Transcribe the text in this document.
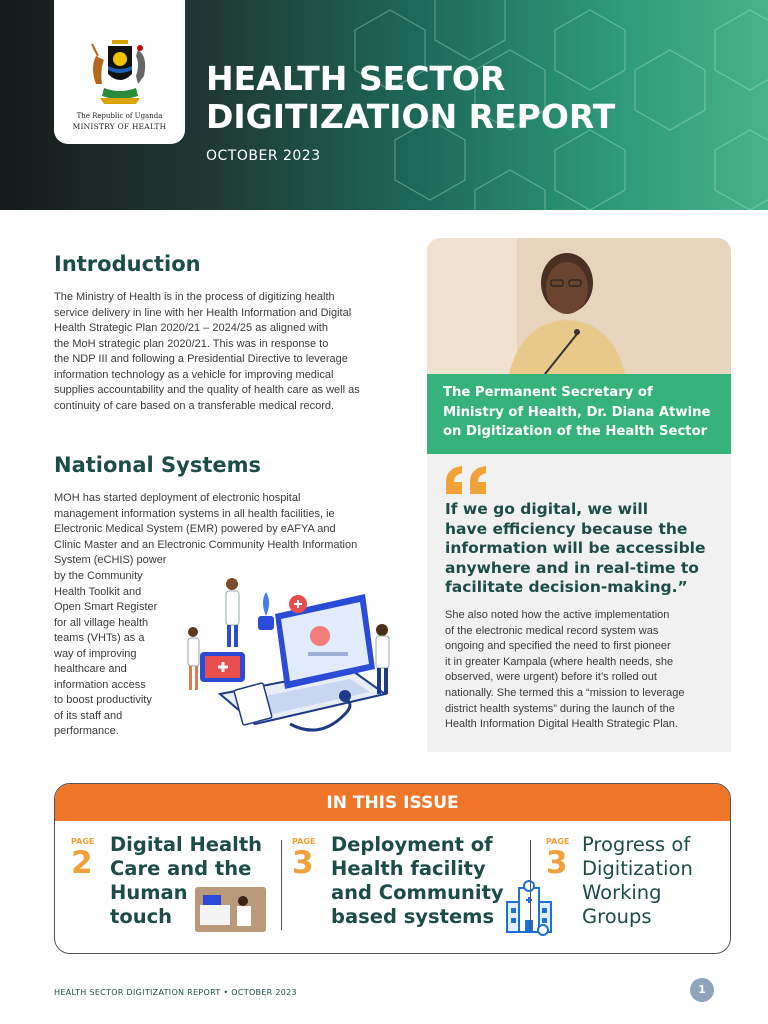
The Republic of Uganda
MINISTRY OF HEALTH
HEALTH SECTOR
DIGITIZATION REPORT
OCTOBER 2023
Introduction
The Ministry of Health is in the process of digitizing health
service delivery in line with her Health Information and Digital
Health Strategic Plan 2020/21 – 2024/25 as aligned with
the MoH strategic plan 2020/21. This was in response to
the NDP III and following a Presidential Directive to leverage
information technology as a vehicle for improving medical
supplies accountability and the quality of health care as well as
continuity of care based on a transferable medical record.
National Systems
MOH has started deployment of electronic hospital
management information systems in all health facilities, ie
Electronic Medical System (EMR) powered by eAFYA and
Clinic Master and an Electronic Community Health Information
System (eCHIS) power
by the Community
Health Toolkit and
Open Smart Register
for all village health
teams (VHTs) as a
way of improving
healthcare and
information access
to boost productivity
of its staff and
performance.
The Permanent Secretary of
Ministry of Health, Dr. Diana Atwine
on Digitization of the Health Sector
If we go digital, we will
have efficiency because the
information will be accessible
anywhere and in real-time to
facilitate decision-making.”
She also noted how the active implementation
of the electronic medical record system was
ongoing and specified the need to first pioneer
it in greater Kampala (where health needs, she
observed, were urgent) before it’s rolled out
nationally. She termed this a “mission to leverage
district health systems” during the launch of the
Health Information Digital Health Strategic Plan.
IN THIS ISSUE
PAGE
2
Digital Health
Care and the
Human
touch
PAGE
3
Deployment of
Health facility
and Community
based systems
PAGE
3
Progress of
Digitization
Working
Groups
HEALTH SECTOR DIGITIZATION REPORT • OCTOBER 2023	1
